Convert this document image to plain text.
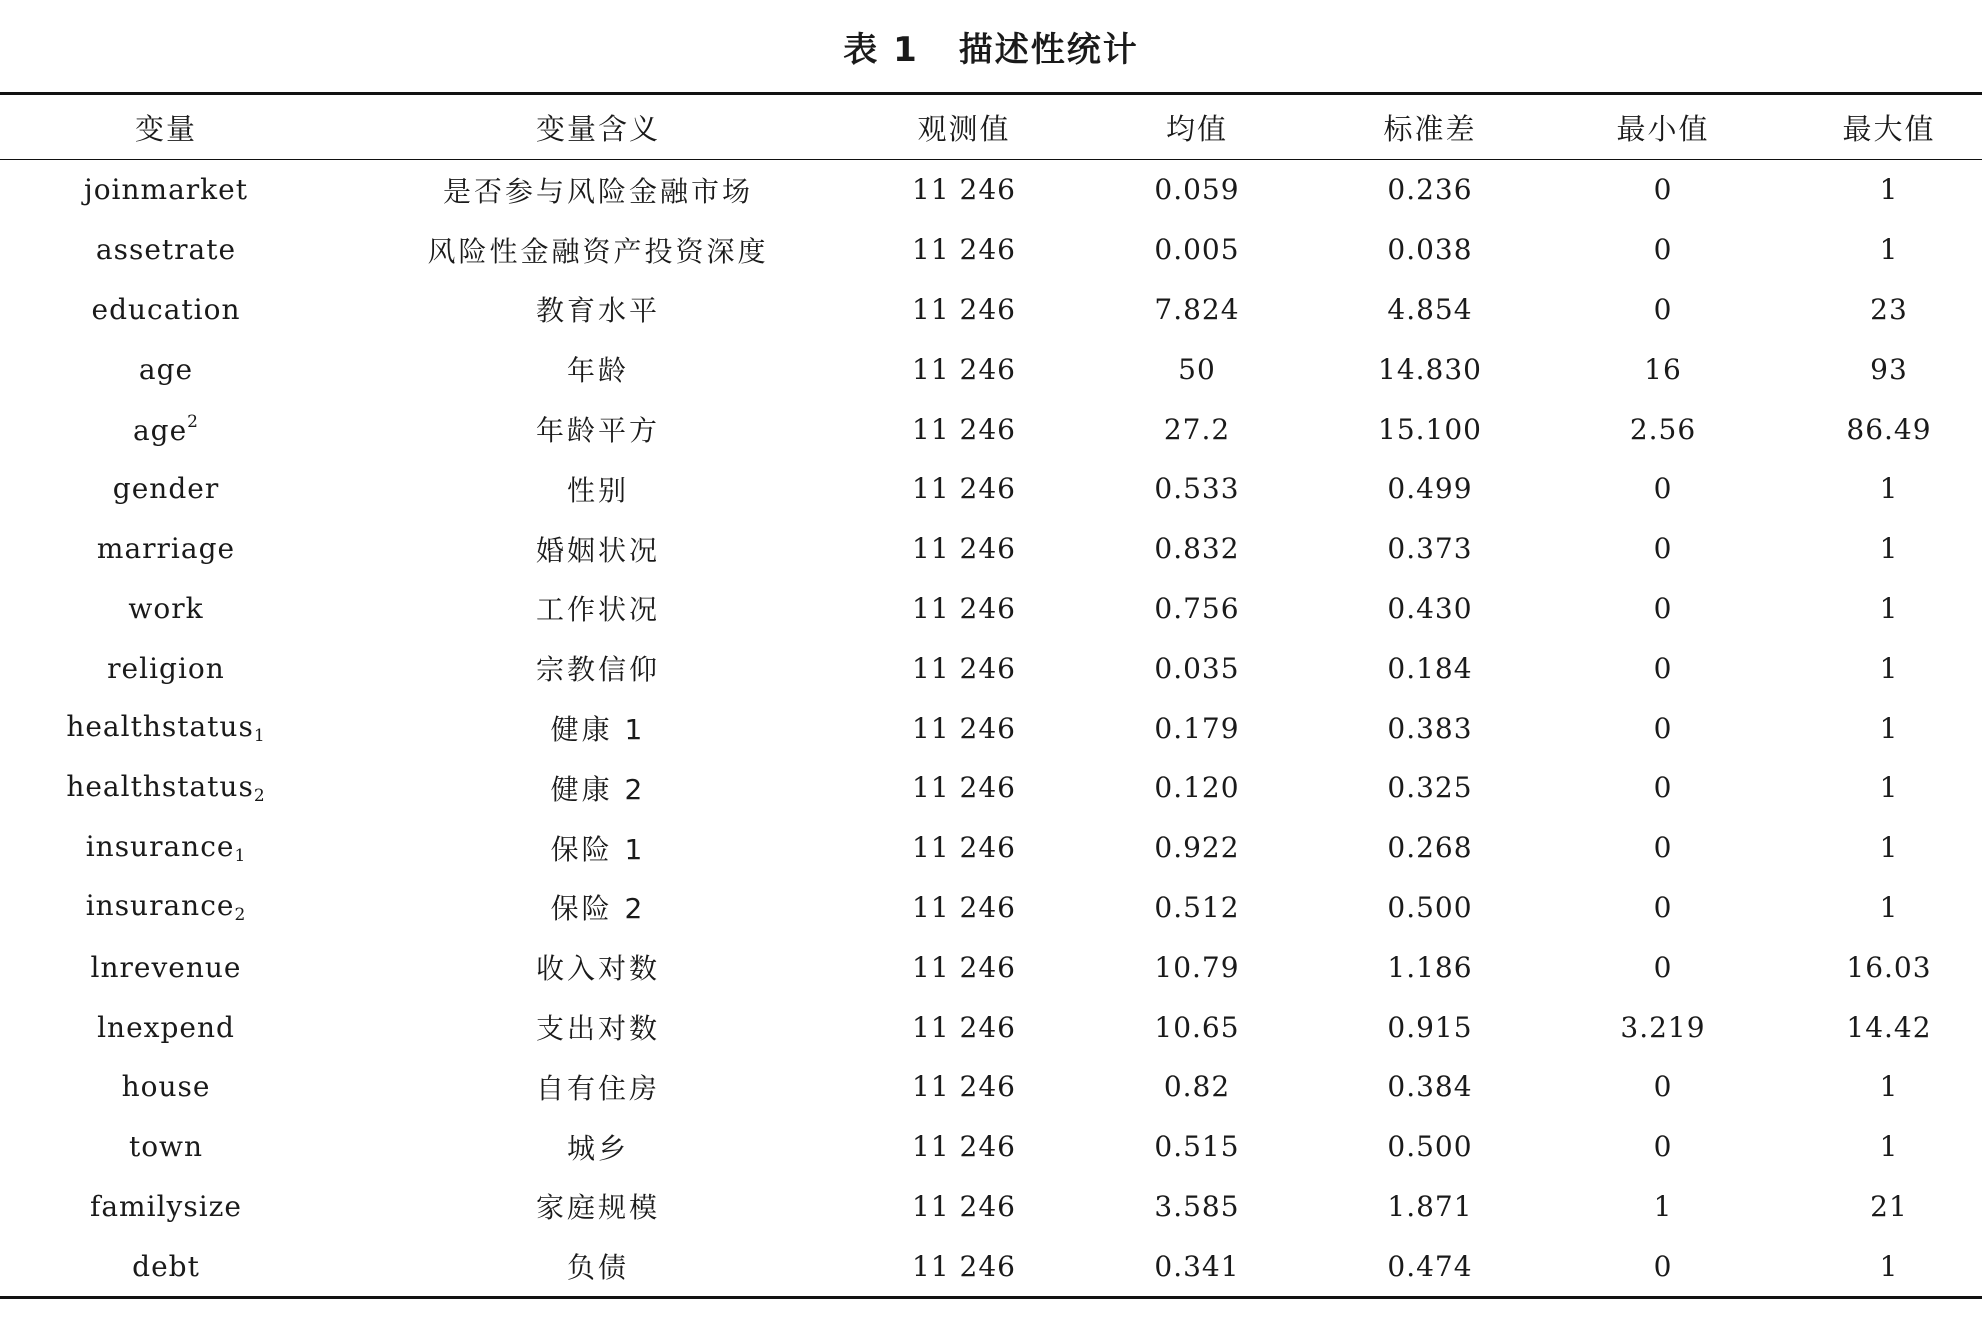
表 1 描述性统计
变量	变量含义	观测值	均值	标准差	最小值	最大值
joinmarket	是否参与风险金融市场	11 246	0.059	0.236	0	1
assetrate	风险性金融资产投资深度	11 246	0.005	0.038	0	1
education	教育水平	11 246	7.824	4.854	0	23
age	年龄	11 246	50	14.830	16	93
age$^2$	年龄平方	11 246	27.2	15.100	2.56	86.49
gender	性别	11 246	0.533	0.499	0	1
marriage	婚姻状况	11 246	0.832	0.373	0	1
work	工作状况	11 246	0.756	0.430	0	1
religion	宗教信仰	11 246	0.035	0.184	0	1
healthstatus$_1$	健康 1	11 246	0.179	0.383	0	1
healthstatus$_2$	健康 2	11 246	0.120	0.325	0	1
insurance$_1$	保险 1	11 246	0.922	0.268	0	1
insurance$_2$	保险 2	11 246	0.512	0.500	0	1
lnrevenue	收入对数	11 246	10.79	1.186	0	16.03
lnexpend	支出对数	11 246	10.65	0.915	3.219	14.42
house	自有住房	11 246	0.82	0.384	0	1
town	城乡	11 246	0.515	0.500	0	1
familysize	家庭规模	11 246	3.585	1.871	1	21
debt	负债	11 246	0.341	0.474	0	1
